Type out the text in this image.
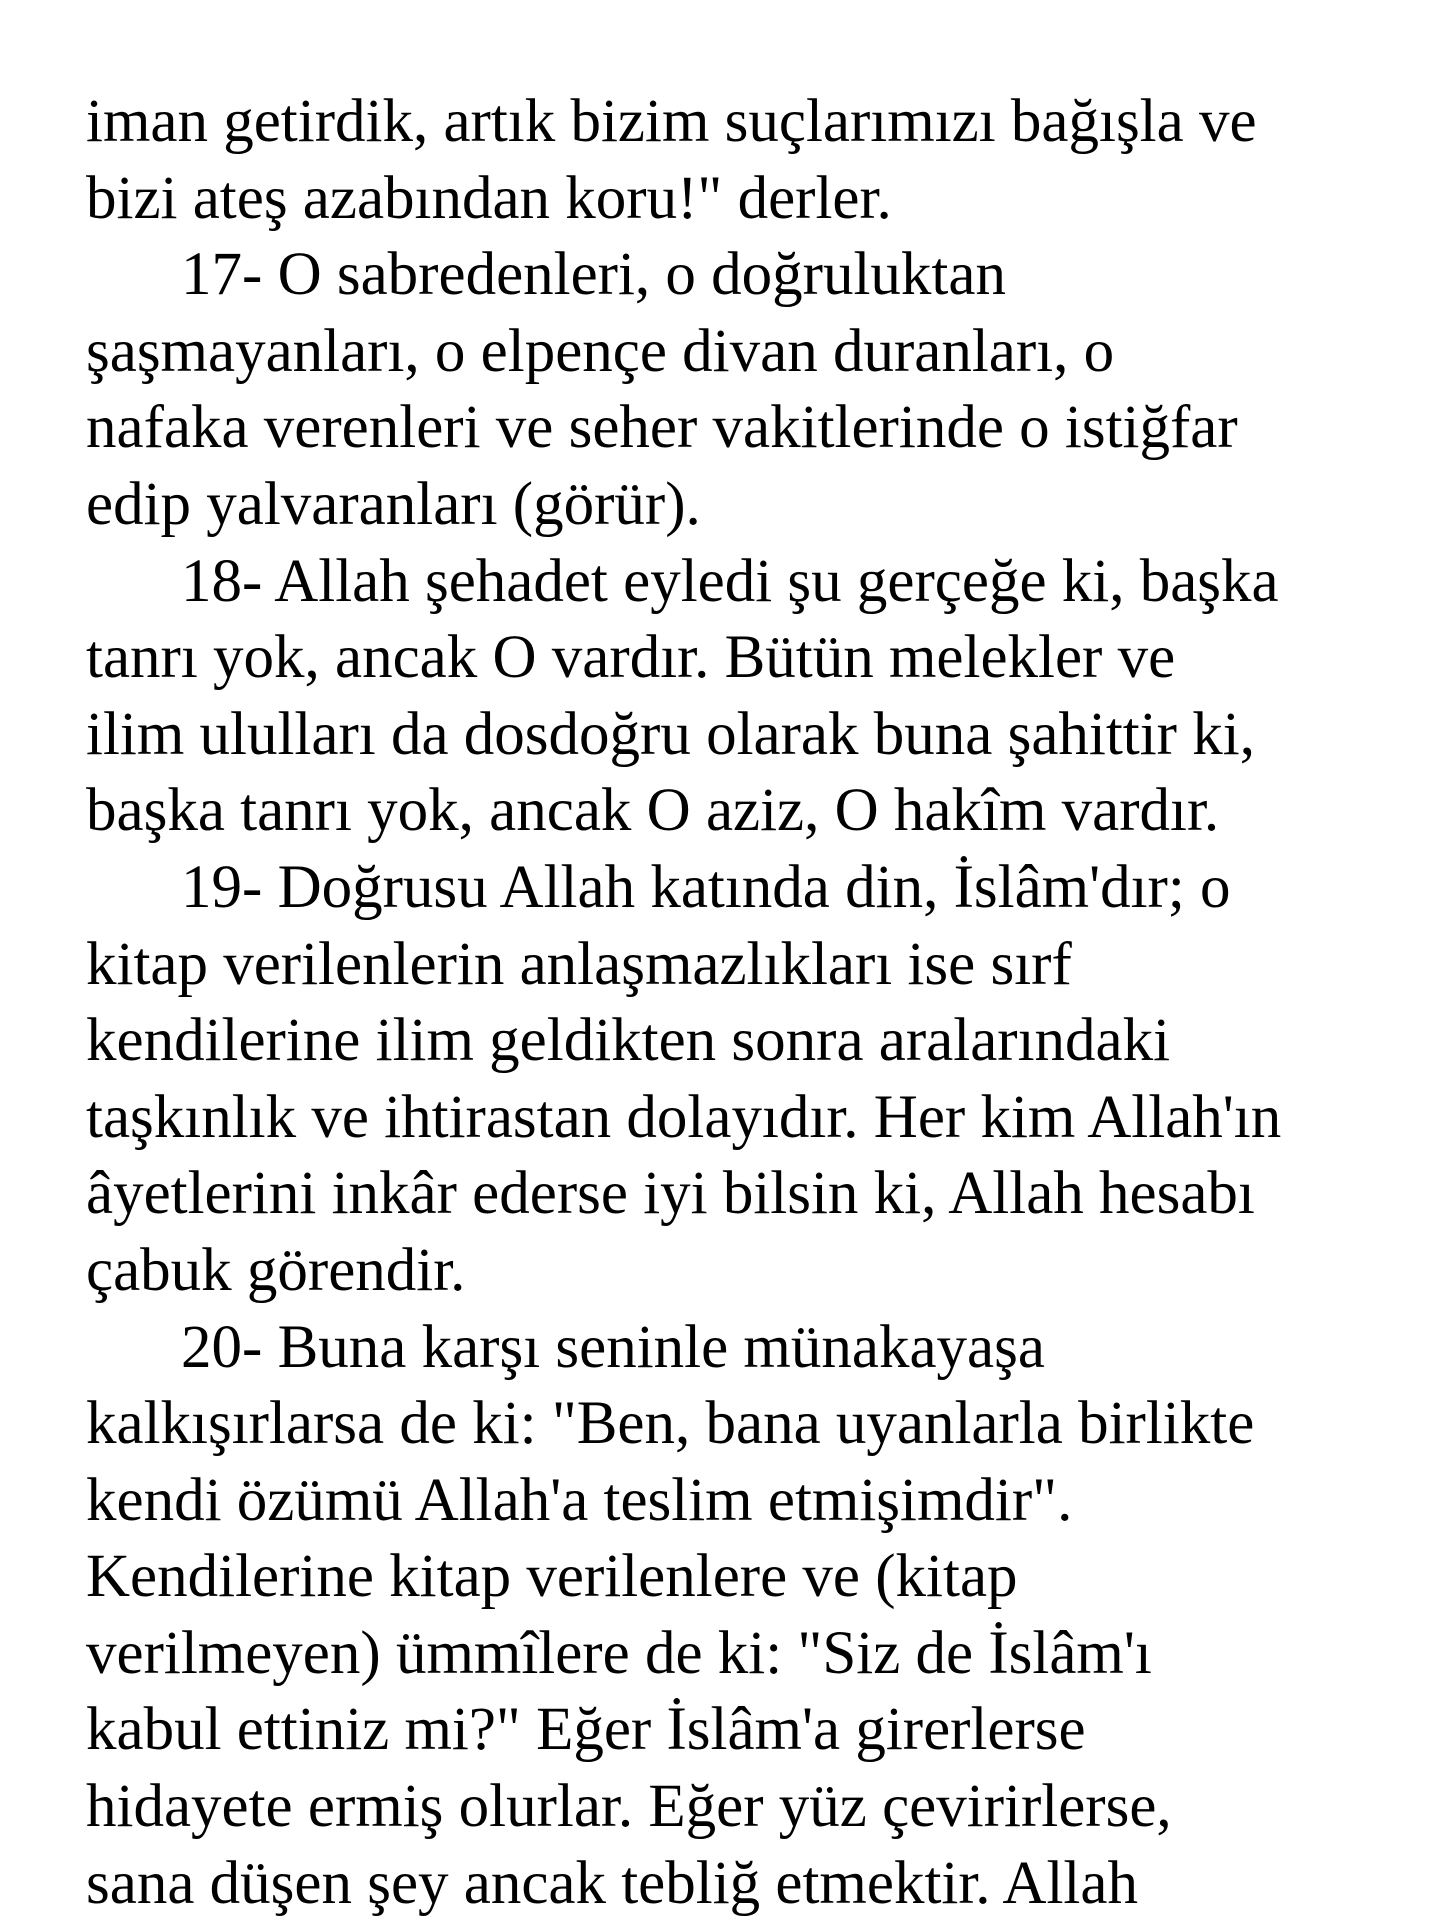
iman getirdik, artık bizim suçlarımızı bağışla ve
bizi ateş azabından koru!" derler.
17- O sabredenleri, o doğruluktan
şaşmayanları, o elpençe divan duranları, o
nafaka verenleri ve seher vakitlerinde o istiğfar
edip yalvaranları (görür).
18- Allah şehadet eyledi şu gerçeğe ki, başka
tanrı yok, ancak O vardır. Bütün melekler ve
ilim ululları da dosdoğru olarak buna şahittir ki,
başka tanrı yok, ancak O aziz, O hakîm vardır.
19- Doğrusu Allah katında din, İslâm'dır; o
kitap verilenlerin anlaşmazlıkları ise sırf
kendilerine ilim geldikten sonra aralarındaki
taşkınlık ve ihtirastan dolayıdır. Her kim Allah'ın
âyetlerini inkâr ederse iyi bilsin ki, Allah hesabı
çabuk görendir.
20- Buna karşı seninle münakayaşa
kalkışırlarsa de ki: "Ben, bana uyanlarla birlikte
kendi özümü Allah'a teslim etmişimdir".
Kendilerine kitap verilenlere ve (kitap
verilmeyen) ümmîlere de ki: "Siz de İslâm'ı
kabul ettiniz mi?" Eğer İslâm'a girerlerse
hidayete ermiş olurlar. Eğer yüz çevirirlerse,
sana düşen şey ancak tebliğ etmektir. Allah
